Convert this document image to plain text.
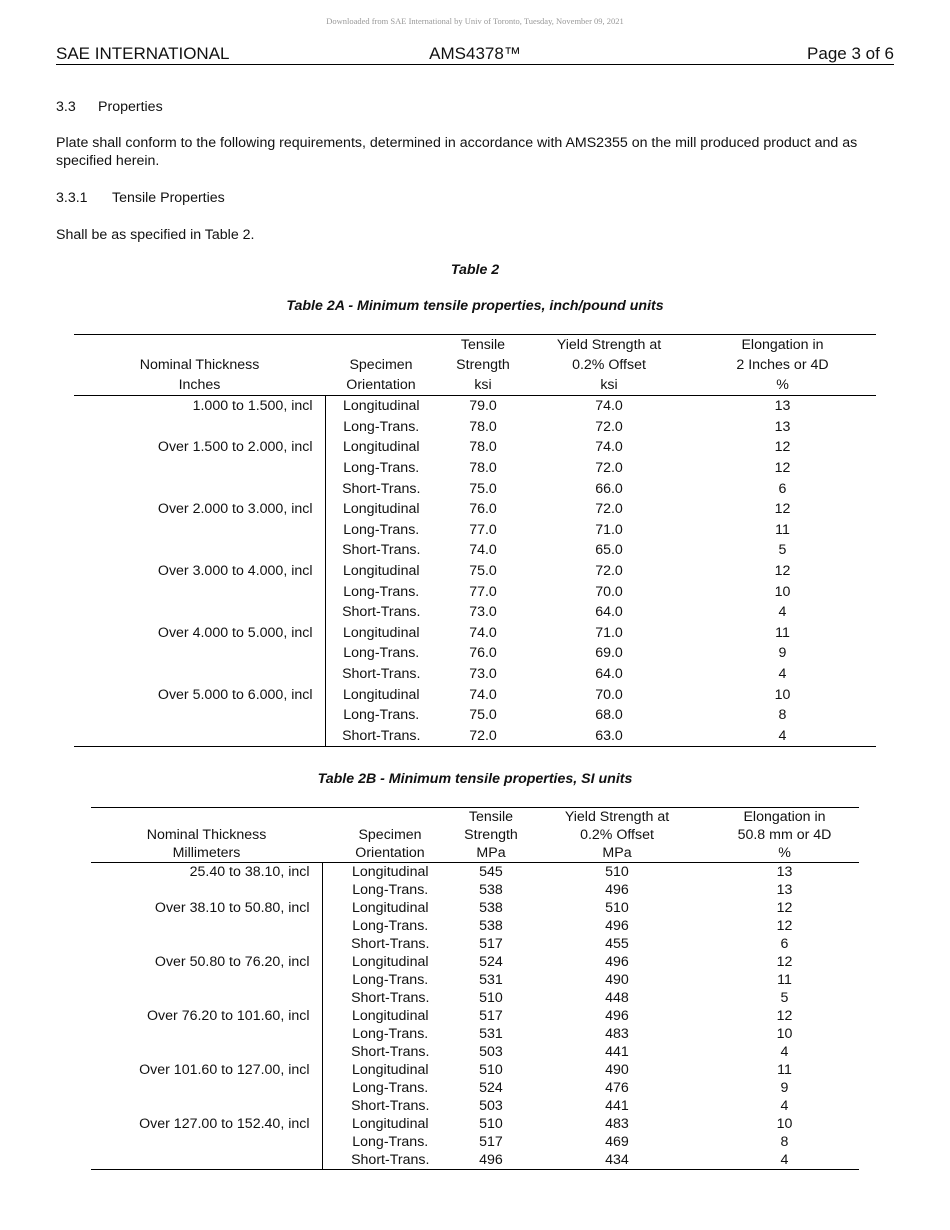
Downloaded from SAE International by Univ of Toronto, Tuesday, November 09, 2021
AMS4378™
SAE INTERNATIONAL	Page 3 of 6
3.3 Properties
Plate shall conform to the following requirements, determined in accordance with AMS2355 on the mill produced product and as specified herein.
3.3.1 Tensile Properties
Shall be as specified in Table 2.
Table 2
Table 2A - Minimum tensile properties, inch/pound units
		Tensile	Yield Strength at	Elongation in
Nominal Thickness	Specimen	Strength	0.2% Offset	2 Inches or 4D
Inches	Orientation	ksi	ksi	%
1.000 to 1.500, incl	Longitudinal	79.0	74.0	13
	Long-Trans.	78.0	72.0	13
Over 1.500 to 2.000, incl	Longitudinal	78.0	74.0	12
	Long-Trans.	78.0	72.0	12
	Short-Trans.	75.0	66.0	6
Over 2.000 to 3.000, incl	Longitudinal	76.0	72.0	12
	Long-Trans.	77.0	71.0	11
	Short-Trans.	74.0	65.0	5
Over 3.000 to 4.000, incl	Longitudinal	75.0	72.0	12
	Long-Trans.	77.0	70.0	10
	Short-Trans.	73.0	64.0	4
Over 4.000 to 5.000, incl	Longitudinal	74.0	71.0	11
	Long-Trans.	76.0	69.0	9
	Short-Trans.	73.0	64.0	4
Over 5.000 to 6.000, incl	Longitudinal	74.0	70.0	10
	Long-Trans.	75.0	68.0	8
	Short-Trans.	72.0	63.0	4
Table 2B - Minimum tensile properties, SI units
		Tensile	Yield Strength at	Elongation in
Nominal Thickness	Specimen	Strength	0.2% Offset	50.8 mm or 4D
Millimeters	Orientation	MPa	MPa	%
25.40 to 38.10, incl	Longitudinal	545	510	13
	Long-Trans.	538	496	13
Over 38.10 to 50.80, incl	Longitudinal	538	510	12
	Long-Trans.	538	496	12
	Short-Trans.	517	455	6
Over 50.80 to 76.20, incl	Longitudinal	524	496	12
	Long-Trans.	531	490	11
	Short-Trans.	510	448	5
Over 76.20 to 101.60, incl	Longitudinal	517	496	12
	Long-Trans.	531	483	10
	Short-Trans.	503	441	4
Over 101.60 to 127.00, incl	Longitudinal	510	490	11
	Long-Trans.	524	476	9
	Short-Trans.	503	441	4
Over 127.00 to 152.40, incl	Longitudinal	510	483	10
	Long-Trans.	517	469	8
	Short-Trans.	496	434	4
